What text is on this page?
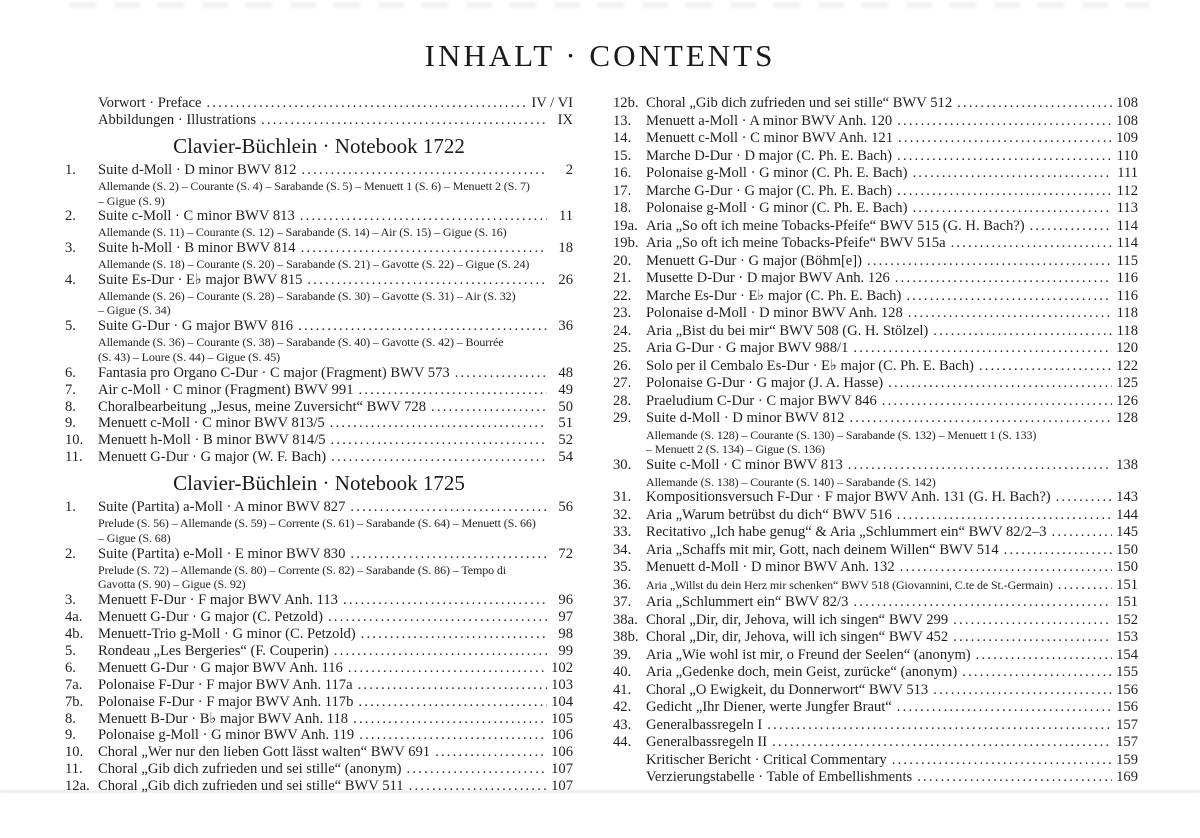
INHALT · CONTENTS
Vorwort · Preface .....	IV / VI
Abbildungen · Illustrations .....	IX
Clavier-Büchlein · Notebook 1722
1.	Suite d-Moll · D minor BWV 812 .....	2
Allemande (S. 2) – Courante (S. 4) – Sarabande (S. 5) – Menuett 1 (S. 6) – Menuett 2 (S. 7)
– Gigue (S. 9)
2.	Suite c-Moll · C minor BWV 813 .....	11
Allemande (S. 11) – Courante (S. 12) – Sarabande (S. 14) – Air (S. 15) – Gigue (S. 16)
3.	Suite h-Moll · B minor BWV 814 .....	18
Allemande (S. 18) – Courante (S. 20) – Sarabande (S. 21) – Gavotte (S. 22) – Gigue (S. 24)
4.	Suite Es-Dur · E♭ major BWV 815 .....	26
Allemande (S. 26) – Courante (S. 28) – Sarabande (S. 30) – Gavotte (S. 31) – Air (S. 32)
– Gigue (S. 34)
5.	Suite G-Dur · G major BWV 816 .....	36
Allemande (S. 36) – Courante (S. 38) – Sarabande (S. 40) – Gavotte (S. 42) – Bourrée
(S. 43) – Loure (S. 44) – Gigue (S. 45)
6.	Fantasia pro Organo C-Dur · C major (Fragment) BWV 573 .....	48
7.	Air c-Moll · C minor (Fragment) BWV 991 .....	49
8.	Choralbearbeitung „Jesus, meine Zuversicht“ BWV 728 .....	50
9.	Menuett c-Moll · C minor BWV 813/5 .....	51
10.	Menuett h-Moll · B minor BWV 814/5 .....	52
11.	Menuett G-Dur · G major (W. F. Bach) .....	54
Clavier-Büchlein · Notebook 1725
1.	Suite (Partita) a-Moll · A minor BWV 827 .....	56
Prelude (S. 56) – Allemande (S. 59) – Corrente (S. 61) – Sarabande (S. 64) – Menuett (S. 66)
– Gigue (S. 68)
2.	Suite (Partita) e-Moll · E minor BWV 830 .....	72
Prelude (S. 72) – Allemande (S. 80) – Corrente (S. 82) – Sarabande (S. 86) – Tempo di
Gavotta (S. 90) – Gigue (S. 92)
3.	Menuett F-Dur · F major BWV Anh. 113 .....	96
4a.	Menuett G-Dur · G major (C. Petzold) .....	97
4b.	Menuett-Trio g-Moll · G minor (C. Petzold) .....	98
5.	Rondeau „Les Bergeries“ (F. Couperin) .....	99
6.	Menuett G-Dur · G major BWV Anh. 116 .....	102
7a.	Polonaise F-Dur · F major BWV Anh. 117a .....	103
7b.	Polonaise F-Dur · F major BWV Anh. 117b .....	104
8.	Menuett B-Dur · B♭ major BWV Anh. 118 .....	105
9.	Polonaise g-Moll · G minor BWV Anh. 119 .....	106
10.	Choral „Wer nur den lieben Gott lässt walten“ BWV 691 .....	106
11.	Choral „Gib dich zufrieden und sei stille“ (anonym) .....	107
12a. Choral „Gib dich zufrieden und sei stille“ BWV 511 .....	107
12b. Choral „Gib dich zufrieden und sei stille“ BWV 512 .....	108
13.	Menuett a-Moll · A minor BWV Anh. 120 .....	108
14.	Menuett c-Moll · C minor BWV Anh. 121 .....	109
15.	Marche D-Dur · D major (C. Ph. E. Bach) .....	110
16.	Polonaise g-Moll · G minor (C. Ph. E. Bach) .....	111
17.	Marche G-Dur · G major (C. Ph. E. Bach) .....	112
18.	Polonaise g-Moll · G minor (C. Ph. E. Bach) .....	113
19a. Aria „So oft ich meine Tobacks-Pfeife“ BWV 515 (G. H. Bach?) .....	114
19b. Aria „So oft ich meine Tobacks-Pfeife“ BWV 515a .....	114
20.	Menuett G-Dur · G major (Böhm[e]) .....	115
21.	Musette D-Dur · D major BWV Anh. 126 .....	116
22.	Marche Es-Dur · E♭ major (C. Ph. E. Bach) .....	116
23.	Polonaise d-Moll · D minor BWV Anh. 128 .....	118
24.	Aria „Bist du bei mir“ BWV 508 (G. H. Stölzel) .....	118
25.	Aria G-Dur · G major BWV 988/1 .....	120
26.	Solo per il Cembalo Es-Dur · E♭ major (C. Ph. E. Bach) .....	122
27.	Polonaise G-Dur · G major (J. A. Hasse) .....	125
28.	Praeludium C-Dur · C major BWV 846 .....	126
29.	Suite d-Moll · D minor BWV 812 .....	128
Allemande (S. 128) – Courante (S. 130) – Sarabande (S. 132) – Menuett 1 (S. 133)
– Menuett 2 (S. 134) – Gigue (S. 136)
30.	Suite c-Moll · C minor BWV 813 .....	138
Allemande (S. 138) – Courante (S. 140) – Sarabande (S. 142)
31.	Kompositionsversuch F-Dur · F major BWV Anh. 131 (G. H. Bach?) .....	143
32.	Aria „Warum betrübst du dich“ BWV 516 .....	144
33.	Recitativo „Ich habe genug“ & Aria „Schlummert ein“ BWV 82/2–3 .....	145
34.	Aria „Schaffs mit mir, Gott, nach deinem Willen“ BWV 514 .....	150
35.	Menuett d-Moll · D minor BWV Anh. 132 .....	150
36.	Aria „Willst du dein Herz mir schenken“ BWV 518 (Giovannini, C.te de St.-Germain) .....	151
37.	Aria „Schlummert ein“ BWV 82/3 .....	151
38a. Choral „Dir, dir, Jehova, will ich singen“ BWV 299 .....	152
38b. Choral „Dir, dir, Jehova, will ich singen“ BWV 452 .....	153
39.	Aria „Wie wohl ist mir, o Freund der Seelen“ (anonym) .....	154
40.	Aria „Gedenke doch, mein Geist, zurücke“ (anonym) .....	155
41.	Choral „O Ewigkeit, du Donnerwort“ BWV 513 .....	156
42.	Gedicht „Ihr Diener, werte Jungfer Braut“ .....	156
43.	Generalbassregeln I .....	157
44.	Generalbassregeln II .....	157
Kritischer Bericht · Critical Commentary .....	159
Verzierungstabelle · Table of Embellishments .....	169
